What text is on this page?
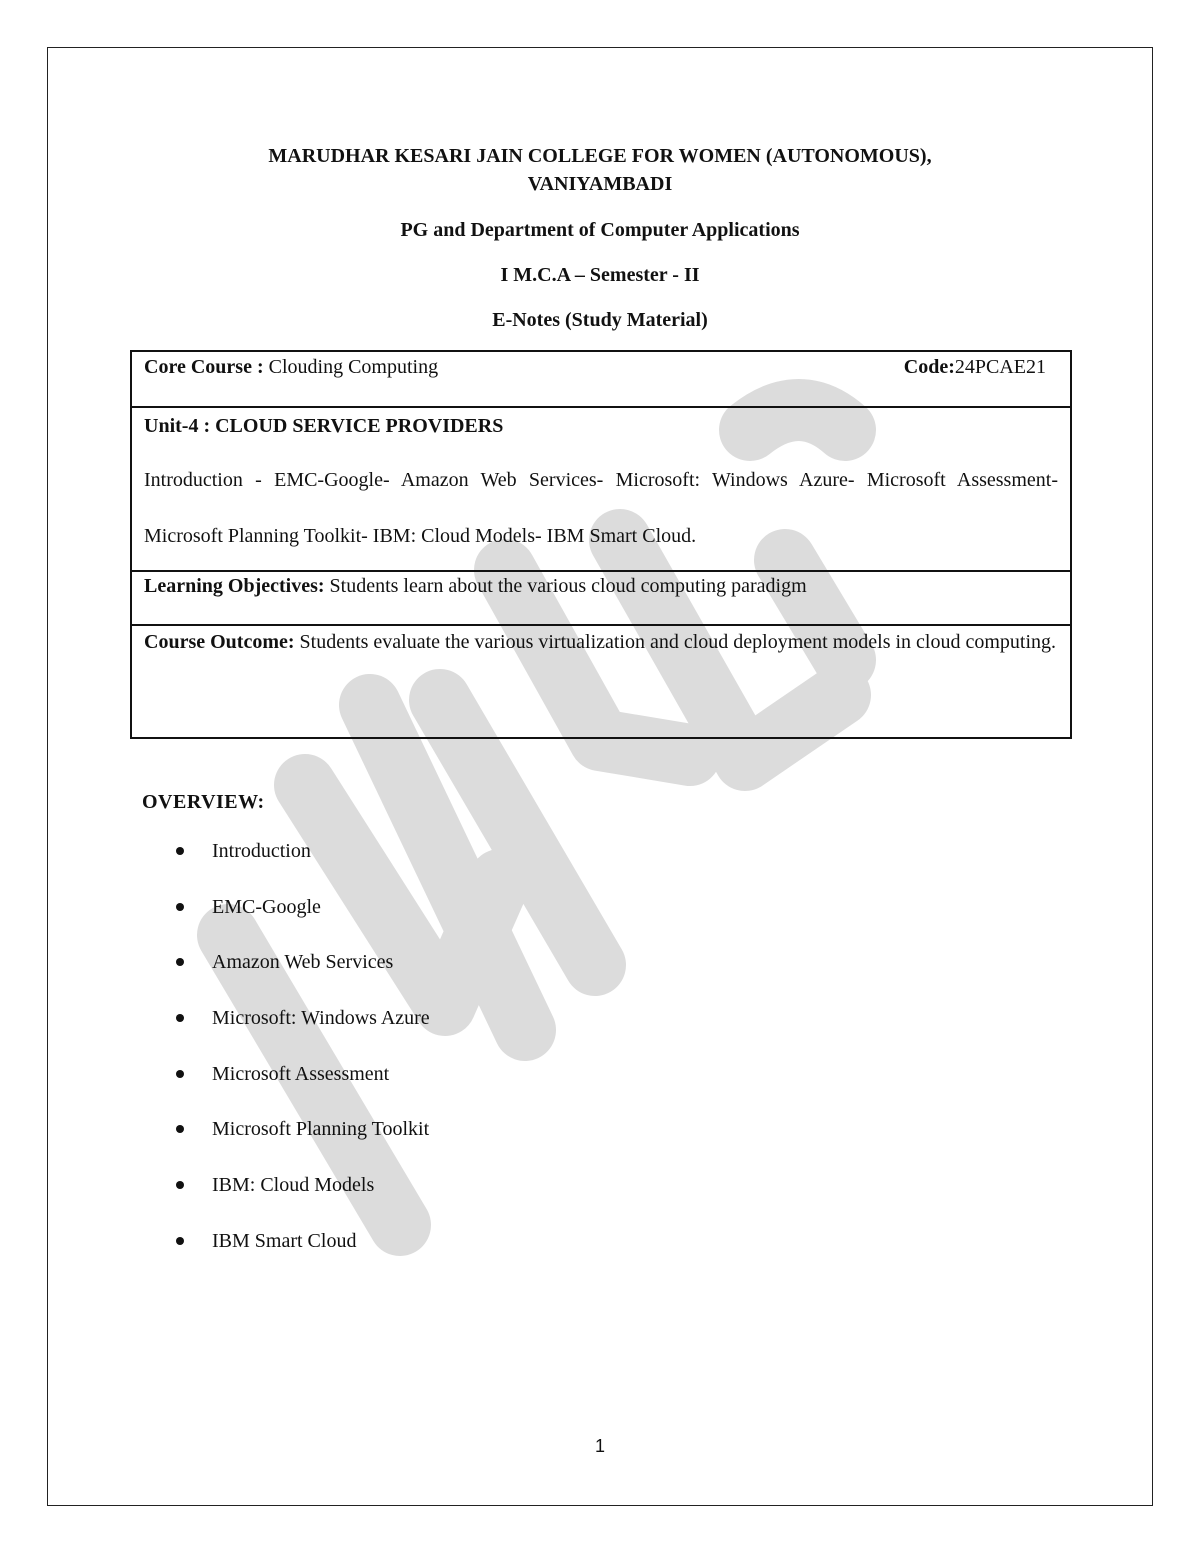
MARUDHAR KESARI JAIN COLLEGE FOR WOMEN (AUTONOMOUS),
VANIYAMBADI
PG and Department of Computer Applications
I M.C.A – Semester - II
E-Notes (Study Material)
Core Course : Clouding Computing	Code:24PCAE21
Unit-4 : CLOUD SERVICE PROVIDERS
Introduction - EMC-Google- Amazon Web Services- Microsoft: Windows Azure- Microsoft Assessment- Microsoft Planning Toolkit- IBM: Cloud Models- IBM Smart Cloud.
Learning Objectives: Students learn about the various cloud computing paradigm
Course Outcome: Students evaluate the various virtualization and cloud deployment models in cloud computing.
OVERVIEW:
Introduction
EMC-Google
Amazon Web Services
Microsoft: Windows Azure
Microsoft Assessment
Microsoft Planning Toolkit
IBM: Cloud Models
IBM Smart Cloud
1
